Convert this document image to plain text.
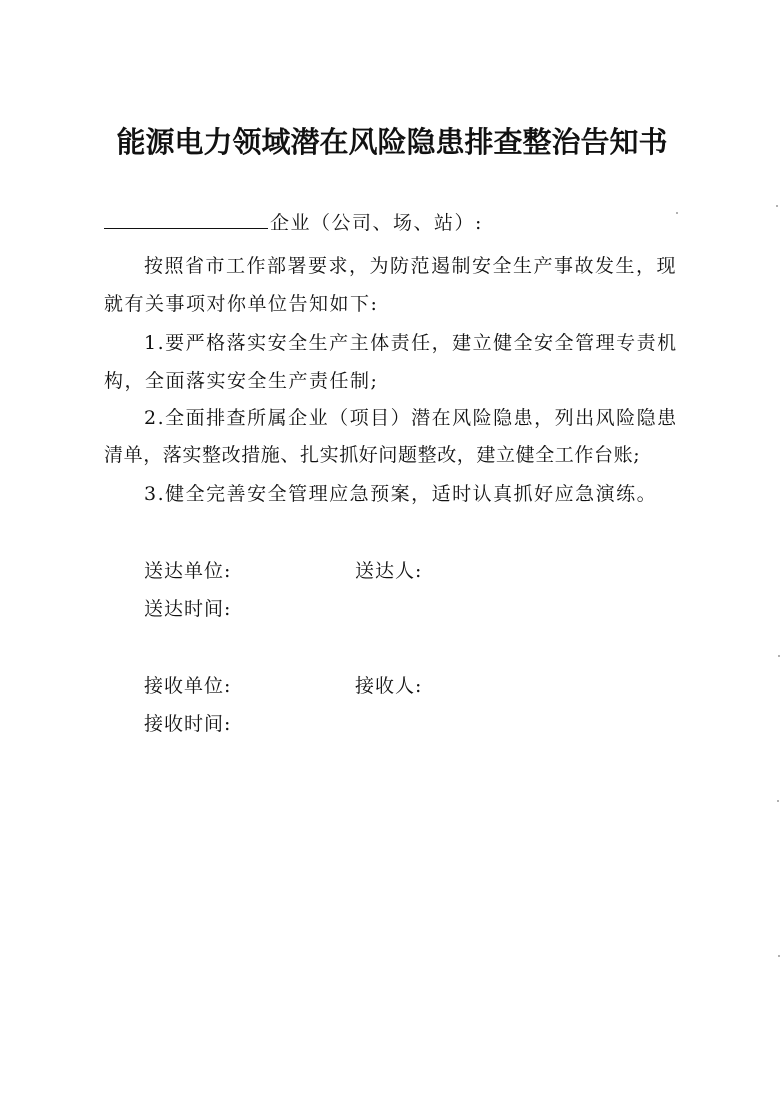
能源电力领域潜在风险隐患排查整治告知书
企业（公司、场、站）:
按照省市工作部署要求，为防范遏制安全生产事故发生，现
就有关事项对你单位告知如下:
1.要严格落实安全生产主体责任，建立健全安全管理专责机
构，全面落实安全生产责任制;
2.全面排查所属企业（项目）潜在风险隐患，列出风险隐患
清单，落实整改措施、扎实抓好问题整改，建立健全工作台账;
3.健全完善安全管理应急预案，适时认真抓好应急演练。
送达单位:	送达人:
送达时间:
接收单位:	接收人:
接收时间:
